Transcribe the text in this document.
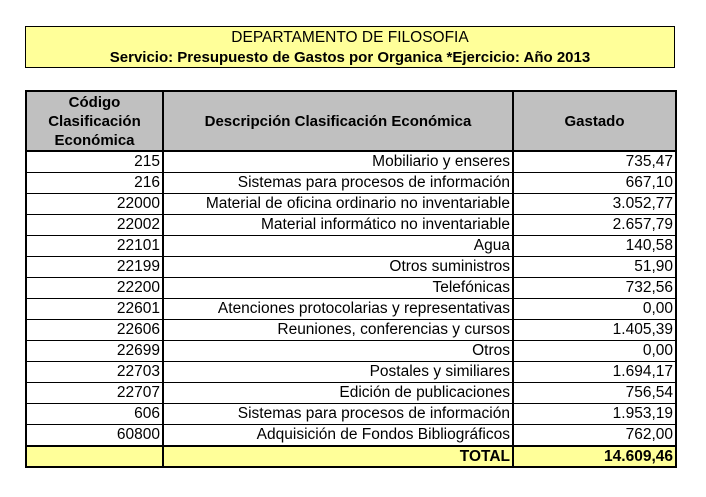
DEPARTAMENTO DE FILOSOFIA
Servicio: Presupuesto de Gastos por Organica *Ejercicio: Año 2013
Código Clasificación Económica	Descripción Clasificación Económica	Gastado
215	Mobiliario y enseres	735,47
216	Sistemas para procesos de información	667,10
22000	Material de oficina ordinario no inventariable	3.052,77
22002	Material informático no inventariable	2.657,79
22101	Agua	140,58
22199	Otros suministros	51,90
22200	Telefónicas	732,56
22601	Atenciones protocolarias y representativas	0,00
22606	Reuniones, conferencias y cursos	1.405,39
22699	Otros	0,00
22703	Postales y similiares	1.694,17
22707	Edición de publicaciones	756,54
606	Sistemas para procesos de información	1.953,19
60800	Adquisición de Fondos Bibliográficos	762,00
	TOTAL	14.609,46
